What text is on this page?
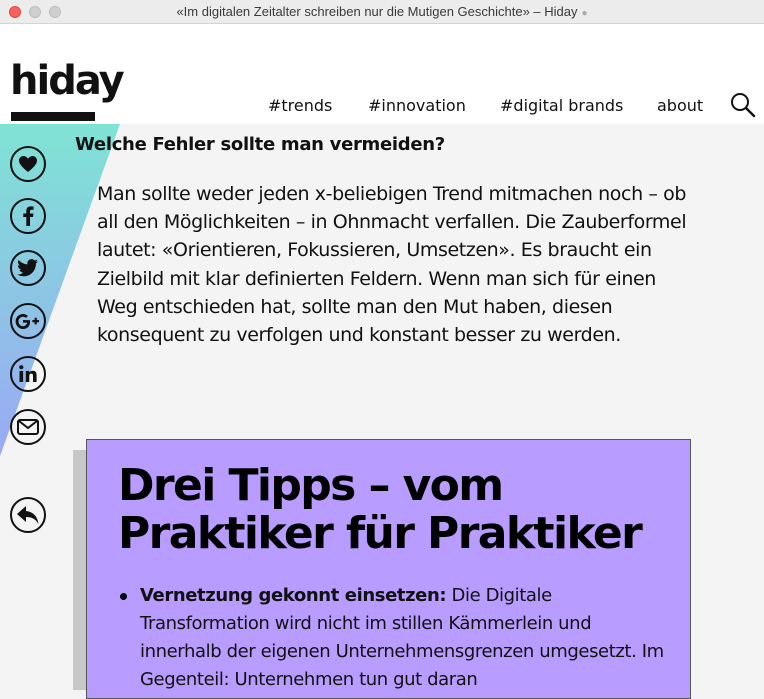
«Im digitalen Zeitalter schreiben nur die Mutigen Geschichte» – Hiday ●
hiday
#trends #innovation #digital brands about
Welche Fehler sollte man vermeiden?

Man sollte weder jeden x-beliebigen Trend mitmachen noch – ob all den Möglichkeiten – in Ohnmacht verfallen. Die Zauberformel lautet: «Orientieren, Fokussieren, Umsetzen». Es braucht ein Zielbild mit klar definierten Feldern. Wenn man sich für einen Weg entschieden hat, sollte man den Mut haben, diesen konsequent zu verfolgen und konstant besser zu werden.

Drei Tipps – vom Praktiker für Praktiker
Vernetzung gekonnt einsetzen: Die Digitale Transformation wird nicht im stillen Kämmerlein und innerhalb der eigenen Unternehmensgrenzen umgesetzt. Im Gegenteil: Unternehmen tun gut daran
